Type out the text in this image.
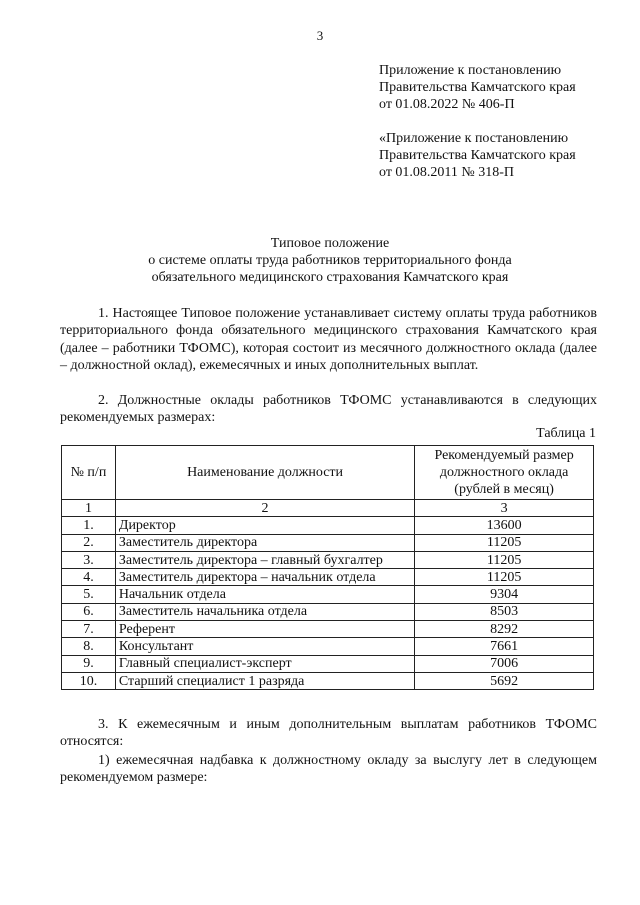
3
Приложение к постановлению
Правительства Камчатского края
от 01.08.2022 № 406-П
«Приложение к постановлению
Правительства Камчатского края
от 01.08.2011 № 318-П
Типовое положение
о системе оплаты труда работников территориального фонда
обязательного медицинского страхования Камчатского края
1. Настоящее Типовое положение устанавливает систему оплаты труда работников территориального фонда обязательного медицинского страхования Камчатского края (далее – работники ТФОМС), которая состоит из месячного должностного оклада (далее – должностной оклад), ежемесячных и иных дополнительных выплат.
2. Должностные оклады работников ТФОМС устанавливаются в следующих рекомендуемых размерах:
Таблица 1
№ п/п	Наименование должности	Рекомендуемый размер должностного оклада (рублей в месяц)
1	2	3
1.	Директор	13600
2.	Заместитель директора	11205
3.	Заместитель директора – главный бухгалтер	11205
4.	Заместитель директора – начальник отдела	11205
5.	Начальник отдела	9304
6.	Заместитель начальника отдела	8503
7.	Референт	8292
8.	Консультант	7661
9.	Главный специалист-эксперт	7006
10.	Старший специалист 1 разряда	5692
3. К ежемесячным и иным дополнительным выплатам работников ТФОМС относятся:
1) ежемесячная надбавка к должностному окладу за выслугу лет в следующем рекомендуемом размере:
